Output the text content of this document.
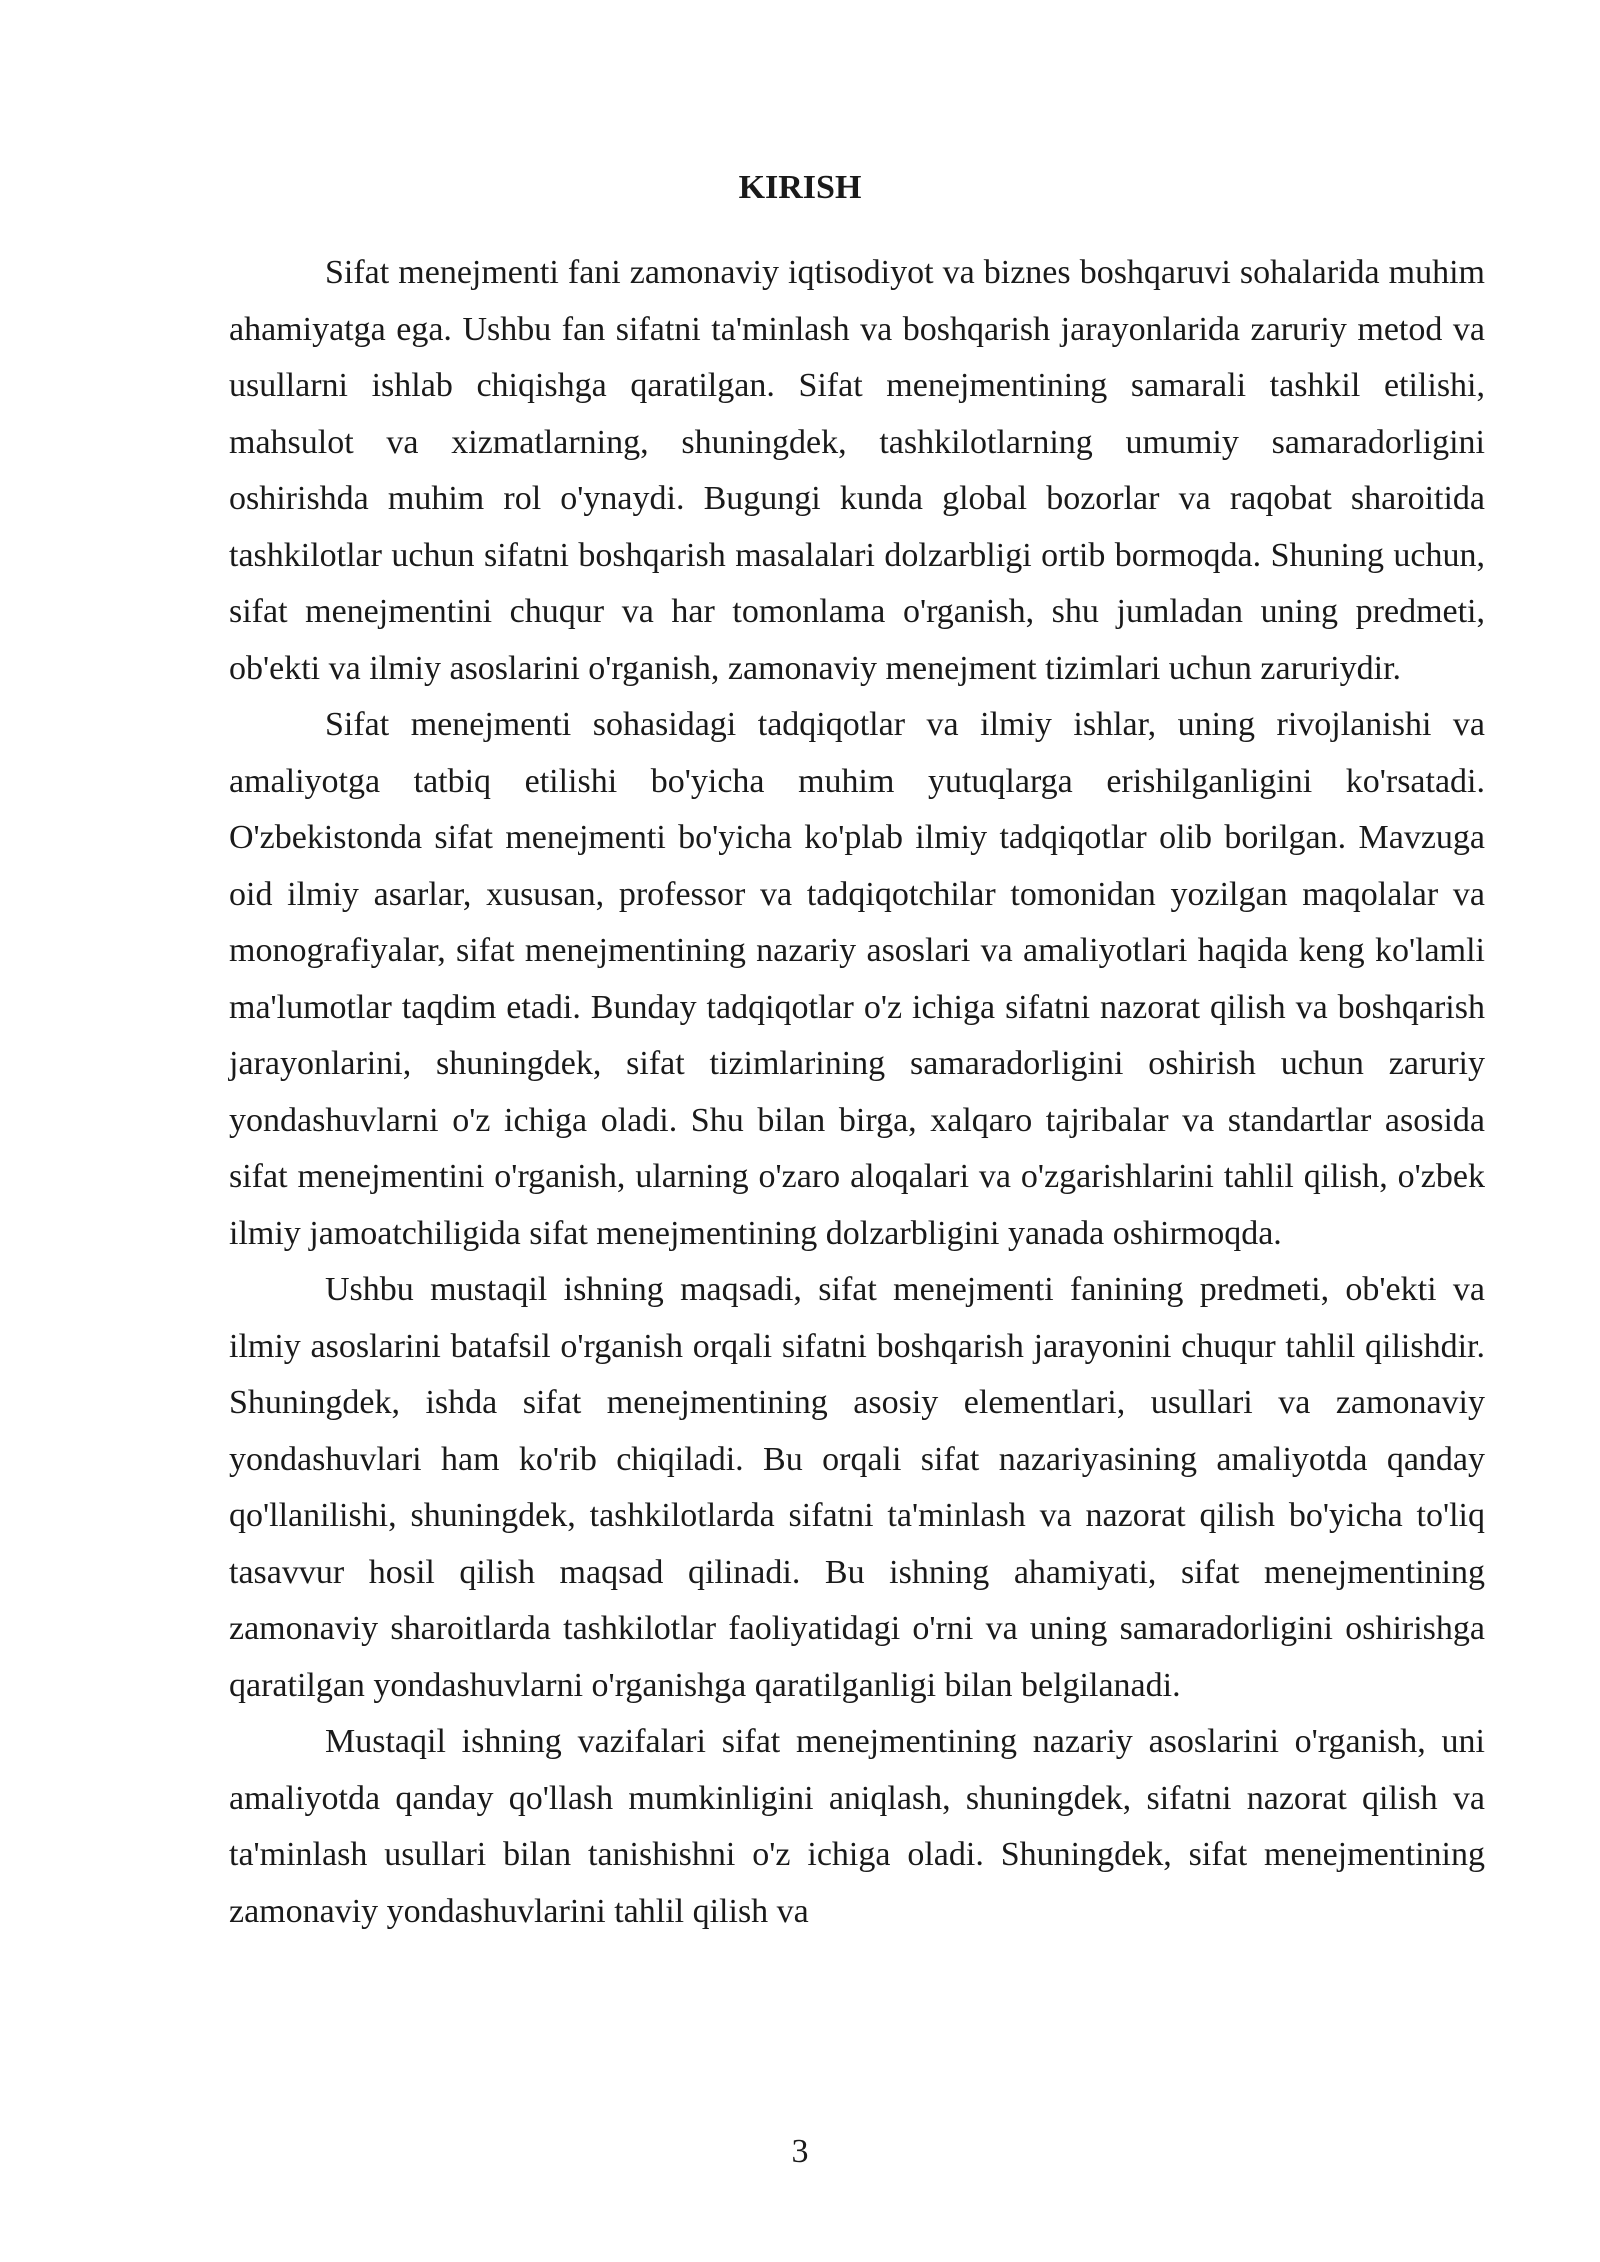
KIRISH

Sifat menejmenti fani zamonaviy iqtisodiyot va biznes boshqaruvi sohalarida muhim ahamiyatga ega. Ushbu fan sifatni ta'minlash va boshqarish jarayonlarida zaruriy metod va usullarni ishlab chiqishga qaratilgan. Sifat menejmentining samarali tashkil etilishi, mahsulot va xizmatlarning, shuningdek, tashkilotlarning umumiy samaradorligini oshirishda muhim rol o'ynaydi. Bugungi kunda global bozorlar va raqobat sharoitida tashkilotlar uchun sifatni boshqarish masalalari dolzarbligi ortib bormoqda. Shuning uchun, sifat menejmentini chuqur va har tomonlama o'rganish, shu jumladan uning predmeti, ob'ekti va ilmiy asoslarini o'rganish, zamonaviy menejment tizimlari uchun zaruriydir.

Sifat menejmenti sohasidagi tadqiqotlar va ilmiy ishlar, uning rivojlanishi va amaliyotga tatbiq etilishi bo'yicha muhim yutuqlarga erishilganligini ko'rsatadi. O'zbekistonda sifat menejmenti bo'yicha ko'plab ilmiy tadqiqotlar olib borilgan. Mavzuga oid ilmiy asarlar, xususan, professor va tadqiqotchilar tomonidan yozilgan maqolalar va monografiyalar, sifat menejmentining nazariy asoslari va amaliyotlari haqida keng ko'lamli ma'lumotlar taqdim etadi. Bunday tadqiqotlar o'z ichiga sifatni nazorat qilish va boshqarish jarayonlarini, shuningdek, sifat tizimlarining samaradorligini oshirish uchun zaruriy yondashuvlarni o'z ichiga oladi. Shu bilan birga, xalqaro tajribalar va standartlar asosida sifat menejmentini o'rganish, ularning o'zaro aloqalari va o'zgarishlarini tahlil qilish, o'zbek ilmiy jamoatchiligida sifat menejmentining dolzarbligini yanada oshirmoqda.

Ushbu mustaqil ishning maqsadi, sifat menejmenti fanining predmeti, ob'ekti va ilmiy asoslarini batafsil o'rganish orqali sifatni boshqarish jarayonini chuqur tahlil qilishdir. Shuningdek, ishda sifat menejmentining asosiy elementlari, usullari va zamonaviy yondashuvlari ham ko'rib chiqiladi. Bu orqali sifat nazariyasining amaliyotda qanday qo'llanilishi, shuningdek, tashkilotlarda sifatni ta'minlash va nazorat qilish bo'yicha to'liq tasavvur hosil qilish maqsad qilinadi. Bu ishning ahamiyati, sifat menejmentining zamonaviy sharoitlarda tashkilotlar faoliyatidagi o'rni va uning samaradorligini oshirishga qaratilgan yondashuvlarni o'rganishga qaratilganligi bilan belgilanadi.

Mustaqil ishning vazifalari sifat menejmentining nazariy asoslarini o'rganish, uni amaliyotda qanday qo'llash mumkinligini aniqlash, shuningdek, sifatni nazorat qilish va ta'minlash usullari bilan tanishishni o'z ichiga oladi. Shuningdek, sifat menejmentining zamonaviy yondashuvlarini tahlil qilish va

3
